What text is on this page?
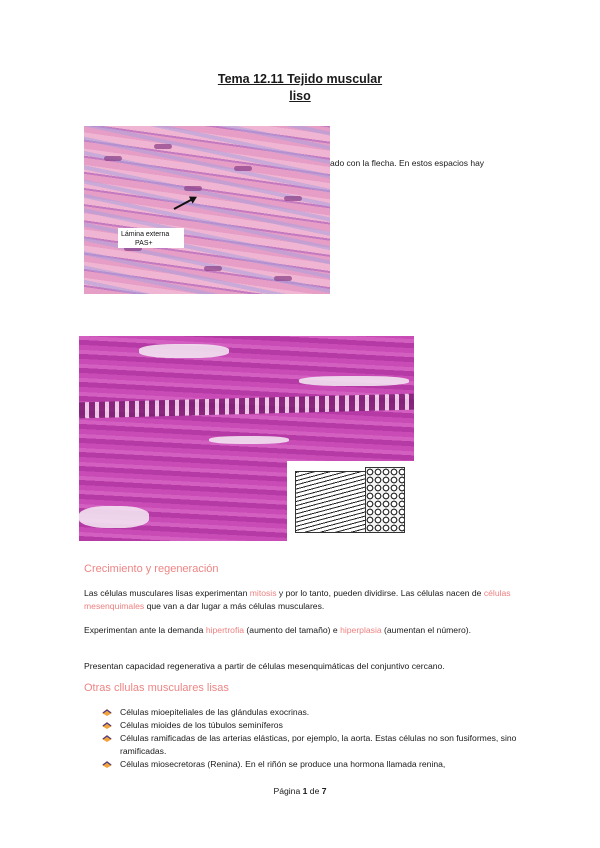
Tema 12.11 Tejido muscular
liso
Lámina externa
PAS+
ado con la flecha. En estos espacios hay
Crecimiento y regeneración
Las células musculares lisas experimentan mitosis y por lo tanto, pueden dividirse. Las células nacen de células mesenquimales que van a dar lugar a más células musculares.
Experimentan ante la demanda hipertrofia (aumento del tamaño) e hiperplasia (aumentan el número).
Presentan capacidad regenerativa a partir de células mesenquimáticas del conjuntivo cercano.
Otras cllulas musculares lisas
Células mioepiteliales de las glándulas exocrinas.
Células mioides de los túbulos seminíferos
Células ramificadas de las arterias elásticas, por ejemplo, la aorta. Estas células no son fusiformes, sino ramificadas.
Células miosecretoras (Renina). En el riñón se produce una hormona llamada renina,
Página 1 de 7
